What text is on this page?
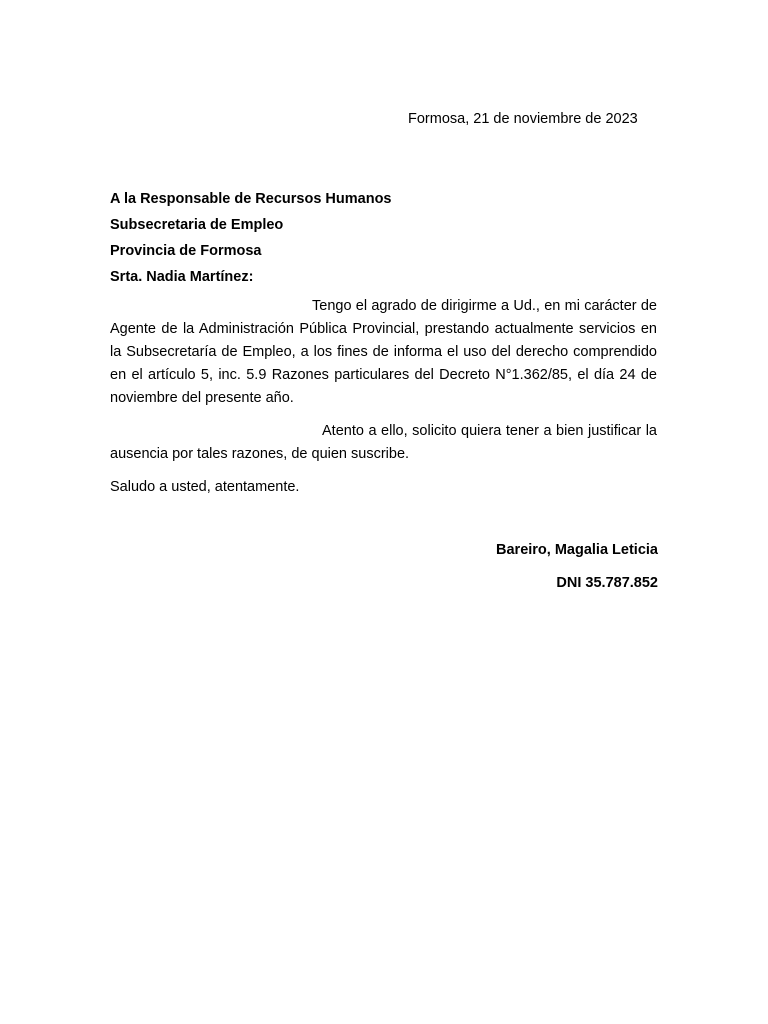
Formosa, 21 de noviembre de 2023
A la Responsable de Recursos Humanos
Subsecretaria de Empleo
Provincia de Formosa
Srta. Nadia Martínez:

Tengo el agrado de dirigirme a Ud., en mi carácter de Agente de la Administración Pública Provincial, prestando actualmente servicios en la Subsecretaría de Empleo, a los fines de informa el uso del derecho comprendido en el artículo 5, inc. 5.9 Razones particulares del Decreto N°1.362/85, el día 24 de noviembre del presente año.

Atento a ello, solicito quiera tener a bien justificar la ausencia por tales razones, de quien suscribe.

Saludo a usted, atentamente.

Bareiro, Magalia Leticia
DNI 35.787.852
